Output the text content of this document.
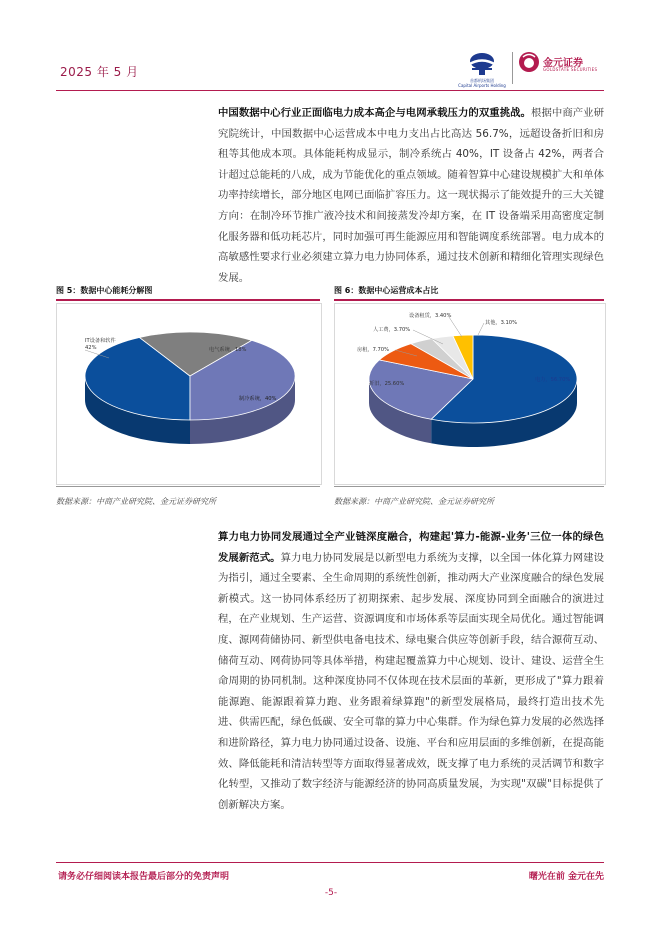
2025 年 5 月
首都机场集团
Capital Airports Holding
金元证券
GOLDSTATE SECURITIES
中国数据中心行业正面临电力成本高企与电网承载压力的双重挑战。根据中商产业研究院统计，中国数据中心运营成本中电力支出占比高达 56.7%，远超设备折旧和房租等其他成本项。具体能耗构成显示，制冷系统占 40%，IT 设备占 42%，两者合计超过总能耗的八成，成为节能优化的重点领域。随着智算中心建设规模扩大和单体功率持续增长，部分地区电网已面临扩容压力。这一现状揭示了能效提升的三大关键方向：在制冷环节推广液冷技术和间接蒸发冷却方案，在 IT 设备端采用高密度定制化服务器和低功耗芯片，同时加强可再生能源应用和智能调度系统部署。电力成本的高敏感性要求行业必须建立算力电力协同体系，通过技术创新和精细化管理实现绿色发展。
图 5：数据中心能耗分解图
IT设备和软件 42%	电气系统，18%
制冷系统，40%
数据来源：中商产业研究院、金元证券研究所
图 6：数据中心运营成本占比
电力，56.70%
折旧，25.60%
房租，7.70%
人工费，3.70%
设备租赁，3.40%
其他，3.10%
数据来源：中商产业研究院、金元证券研究所
算力电力协同发展通过全产业链深度融合，构建起'算力-能源-业务'三位一体的绿色发展新范式。算力电力协同发展是以新型电力系统为支撑，以全国一体化算力网建设为指引，通过全要素、全生命周期的系统性创新，推动两大产业深度融合的绿色发展新模式。这一协同体系经历了初期探索、起步发展、深度协同到全面融合的演进过程，在产业规划、生产运营、资源调度和市场体系等层面实现全局优化。通过智能调度、源网荷储协同、新型供电备电技术、绿电聚合供应等创新手段，结合源荷互动、储荷互动、网荷协同等具体举措，构建起覆盖算力中心规划、设计、建设、运营全生命周期的协同机制。这种深度协同不仅体现在技术层面的革新，更形成了"算力跟着能源跑、能源跟着算力跑、业务跟着绿算跑"的新型发展格局，最终打造出技术先进、供需匹配，绿色低碳、安全可靠的算力中心集群。作为绿色算力发展的必然选择和进阶路径，算力电力协同通过设备、设施、平台和应用层面的多维创新，在提高能效、降低能耗和清洁转型等方面取得显著成效，既支撑了电力系统的灵活调节和数字化转型，又推动了数字经济与能源经济的协同高质量发展，为实现"双碳"目标提供了创新解决方案。
请务必仔细阅读本报告最后部分的免责声明	曙光在前 金元在先
-5-
